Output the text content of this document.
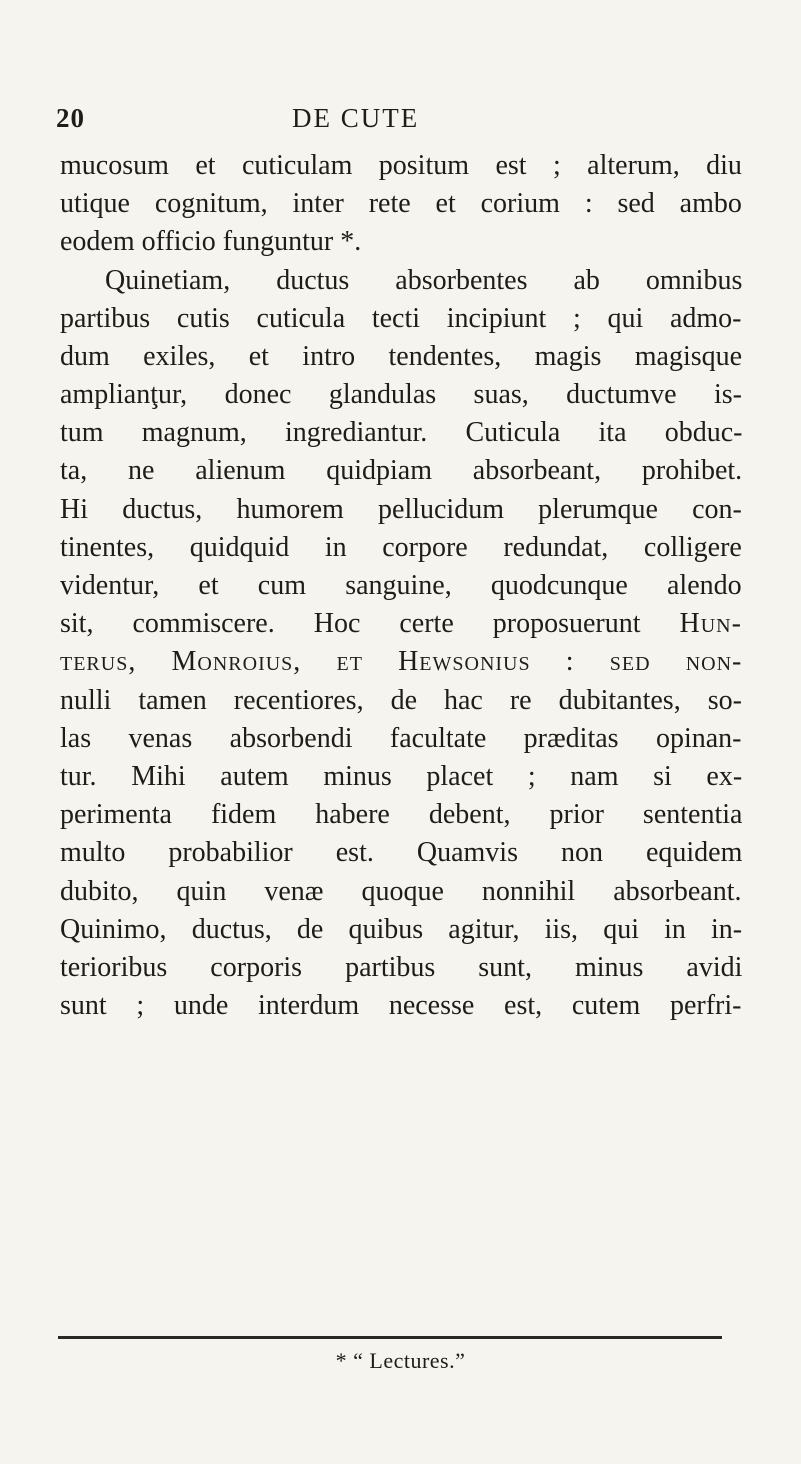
20	DE CUTE
mucosum et cuticulam positum est ; alterum, diu
utique cognitum, inter rete et corium : sed ambo
eodem officio funguntur *.
Quinetiam, ductus absorbentes ab omnibus
partibus cutis cuticula tecti incipiunt ; qui admo-
dum exiles, et intro tendentes, magis magisque
amplianţur, donec glandulas suas, ductumve is-
tum magnum, ingrediantur. Cuticula ita obduc-
ta, ne alienum quidpiam absorbeant, prohibet.
Hi ductus, humorem pellucidum plerumque con-
tinentes, quidquid in corpore redundat, colligere
videntur, et cum sanguine, quodcunque alendo
sit, commiscere. Hoc certe proposuerunt Hun-
terus, Monroius, et Hewsonius : sed non-
nulli tamen recentiores, de hac re dubitantes, so-
las venas absorbendi facultate præditas opinan-
tur. Mihi autem minus placet ; nam si ex-
perimenta fidem habere debent, prior sententia
multo probabilior est. Quamvis non equidem
dubito, quin venæ quoque nonnihil absorbeant.
Quinimo, ductus, de quibus agitur, iis, qui in in-
terioribus corporis partibus sunt, minus avidi
sunt ; unde interdum necesse est, cutem perfri-
* “ Lectures.”
